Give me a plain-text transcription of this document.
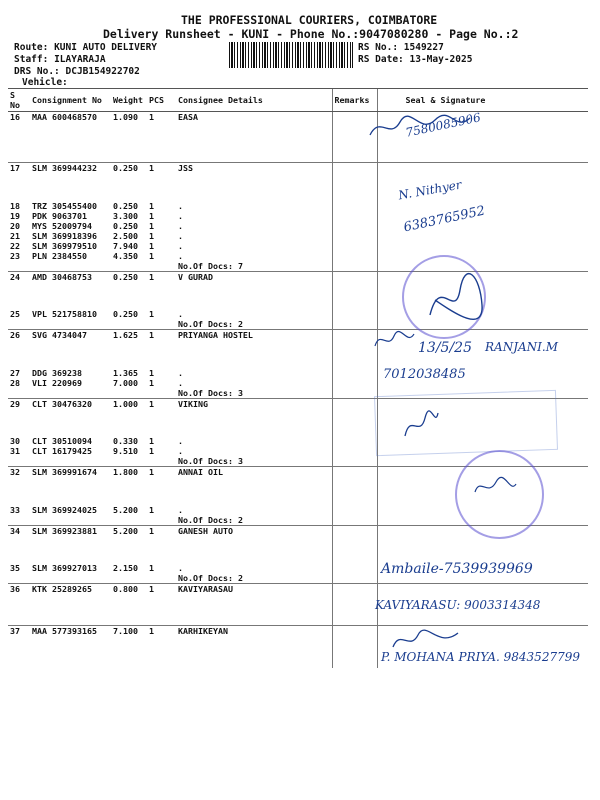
THE PROFESSIONAL COURIERS, COIMBATORE
Delivery Runsheet - KUNI - Phone No.:9047080280 - Page No.:2
Route: KUNI AUTO DELIVERY
Staff: ILAYARAJA
DRS No.: DCJB154922702
Vehicle:
RS No.: 1549227
RS Date: 13-May-2025
S No	Consignment No	Weight	PCS	Consignee Details	Remarks	Seal & Signature
16	MAA 600468570	1.090	1	EASA		
17	SLM 369944232	0.250	1	JSS		
18	TRZ 305455400	0.250	1	.		
19	PDK 9063701	3.300	1	.		
20	MYS 52009794	0.250	1	.		
21	SLM 369918396	2.500	1	.		
22	SLM 369979510	7.940	1	.		
23	PLN 2384550	4.350	1	.		
				No.Of Docs: 7		
24	AMD 30468753	0.250	1	V GURAD		
25	VPL 521758810	0.250	1	.		
				No.Of Docs: 2		
26	SVG 4734047	1.625	1	PRIYANGA HOSTEL		
27	DDG 369238	1.365	1	.		
28	VLI 220969	7.000	1	.		
				No.Of Docs: 3		
29	CLT 30476320	1.000	1	VIKING		
30	CLT 30510094	0.330	1	.		
31	CLT 16179425	9.510	1	.		
				No.Of Docs: 3		
32	SLM 369991674	1.800	1	ANNAI OIL		
33	SLM 369924025	5.200	1	.		
				No.Of Docs: 2		
34	SLM 369923881	5.200	1	GANESH AUTO		
35	SLM 369927013	2.150	1	.		
				No.Of Docs: 2		
36	KTK 25289265	0.800	1	KAVIYARASAU		
37	MAA 577393165	7.100	1	KARHIKEYAN		
7580085906
N. Nithyer
6383765952
13/5/25 RANJANI.M
7012038485
Ambaile-7539939969
KAVIYARASU: 9003314348
P. MOHANA PRIYA. 9843527799
